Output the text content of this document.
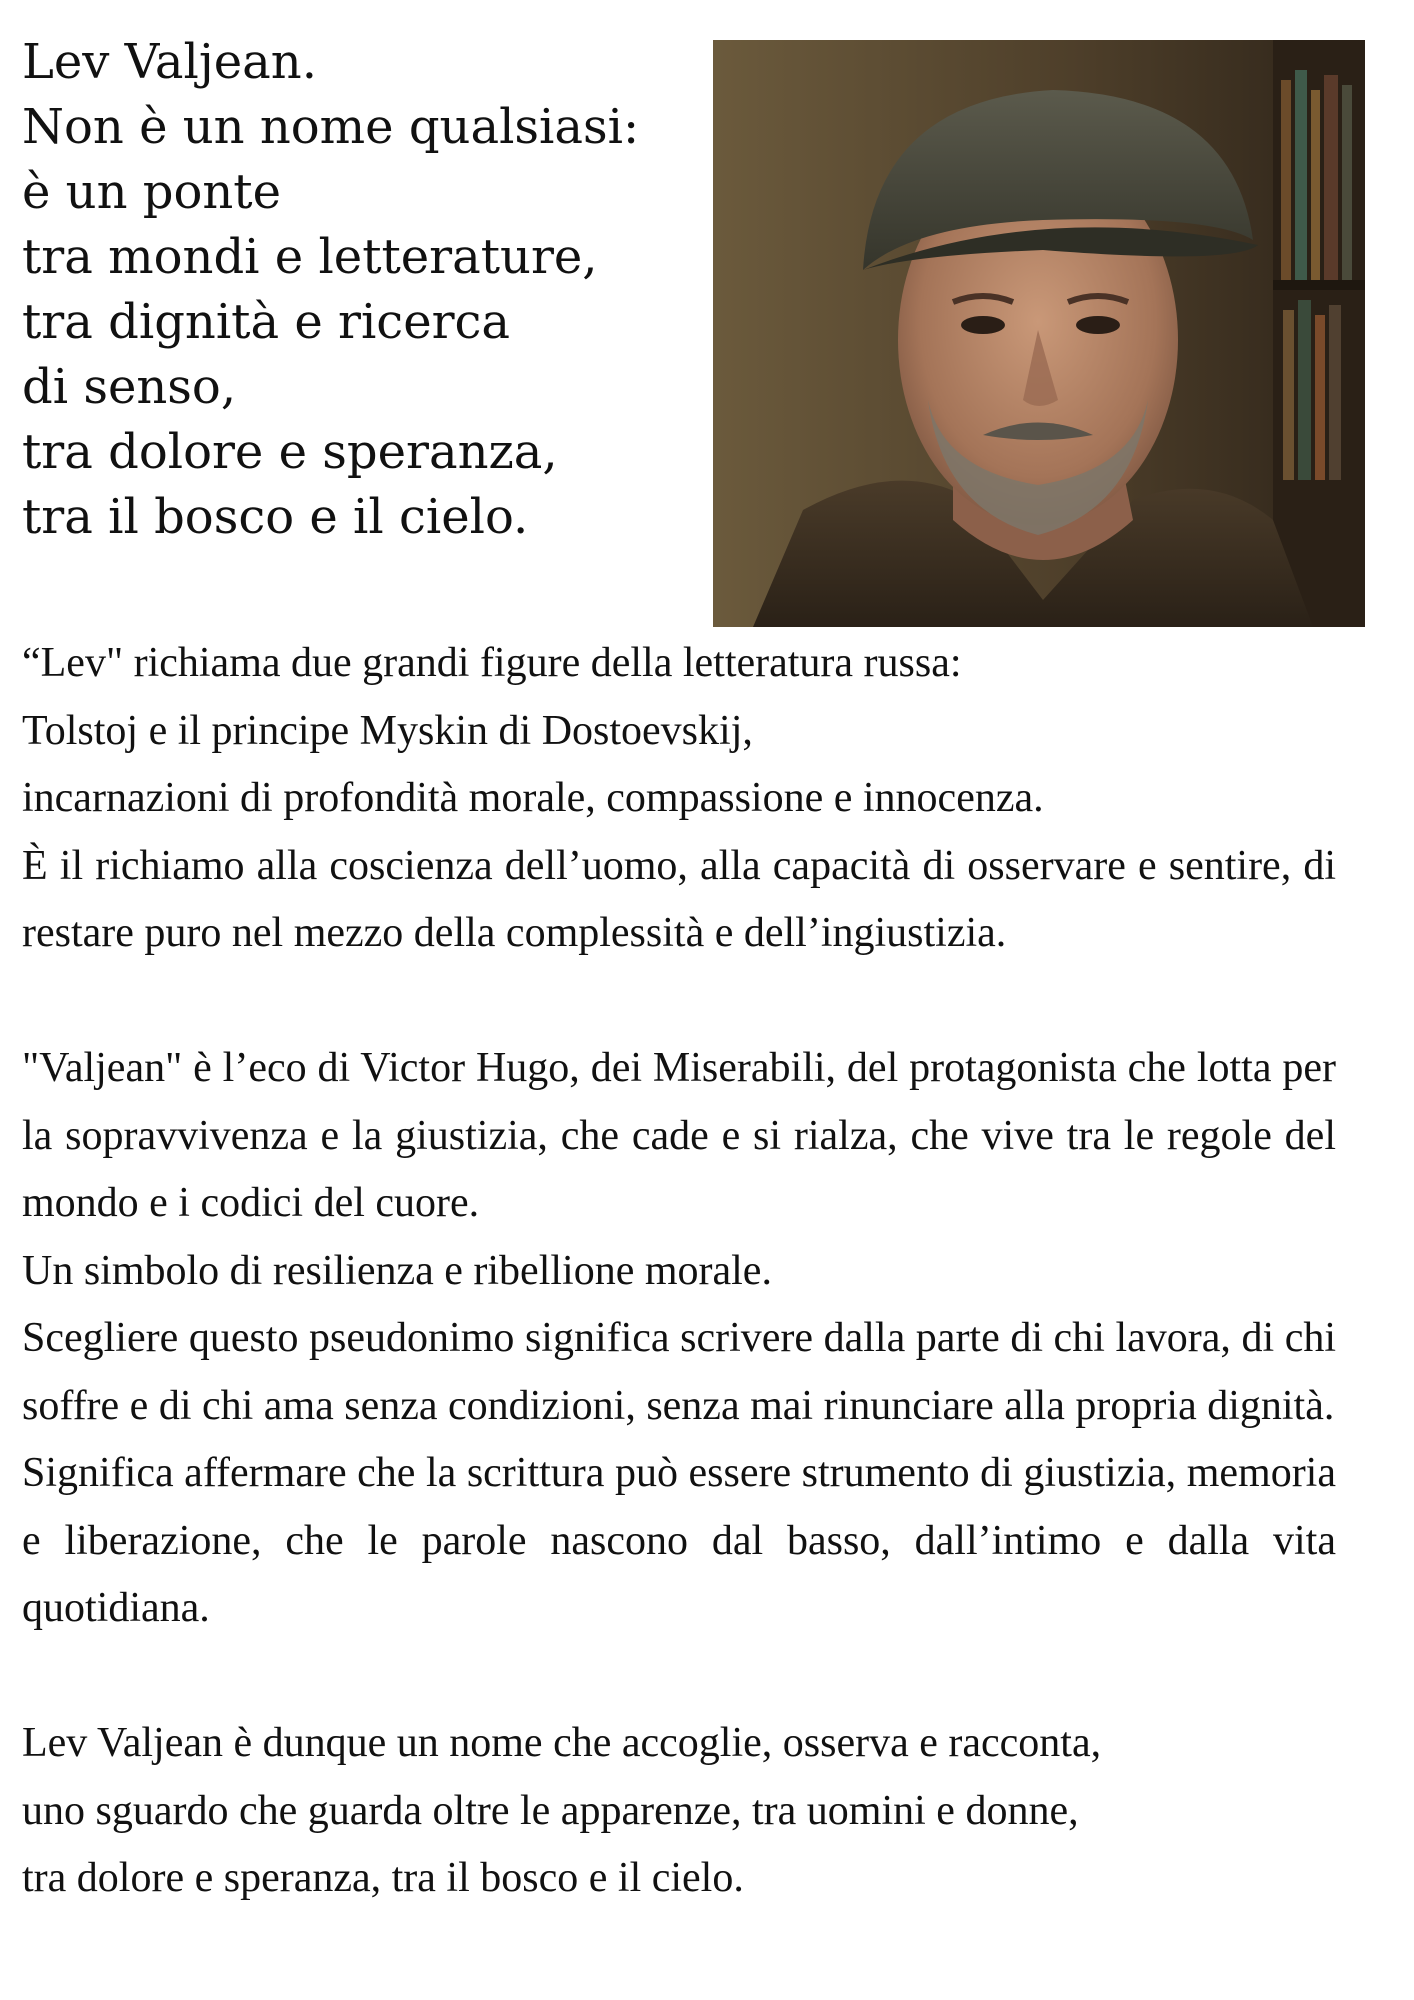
Lev Valjean.
Non è un nome qualsiasi:
è un ponte
tra mondi e letterature,
tra dignità e ricerca
di senso,
tra dolore e speranza,
tra il bosco e il cielo.
“Lev" richiama due grandi figure della letteratura russa:
Tolstoj e il principe Myskin di Dostoevskij,
incarnazioni di profondità morale, compassione e innocenza.

È il richiamo alla coscienza dell’uomo, alla capacità di osservare e sentire, di restare puro nel mezzo della complessità e dell’ingiustizia.

"Valjean" è l’eco di Victor Hugo, dei Miserabili, del protagonista che lotta per la sopravvivenza e la giustizia, che cade e si rialza, che vive tra le regole del mondo e i codici del cuore.

Un simbolo di resilienza e ribellione morale.

Scegliere questo pseudonimo significa scrivere dalla parte di chi lavora, di chi soffre e di chi ama senza condizioni, senza mai rinunciare alla propria dignità.

Significa affermare che la scrittura può essere strumento di giustizia, memoria e liberazione, che le parole nascono dal basso, dall’intimo e dalla vita quotidiana.

Lev Valjean è dunque un nome che accoglie, osserva e racconta,
uno sguardo che guarda oltre le apparenze, tra uomini e donne,
tra dolore e speranza, tra il bosco e il cielo.
